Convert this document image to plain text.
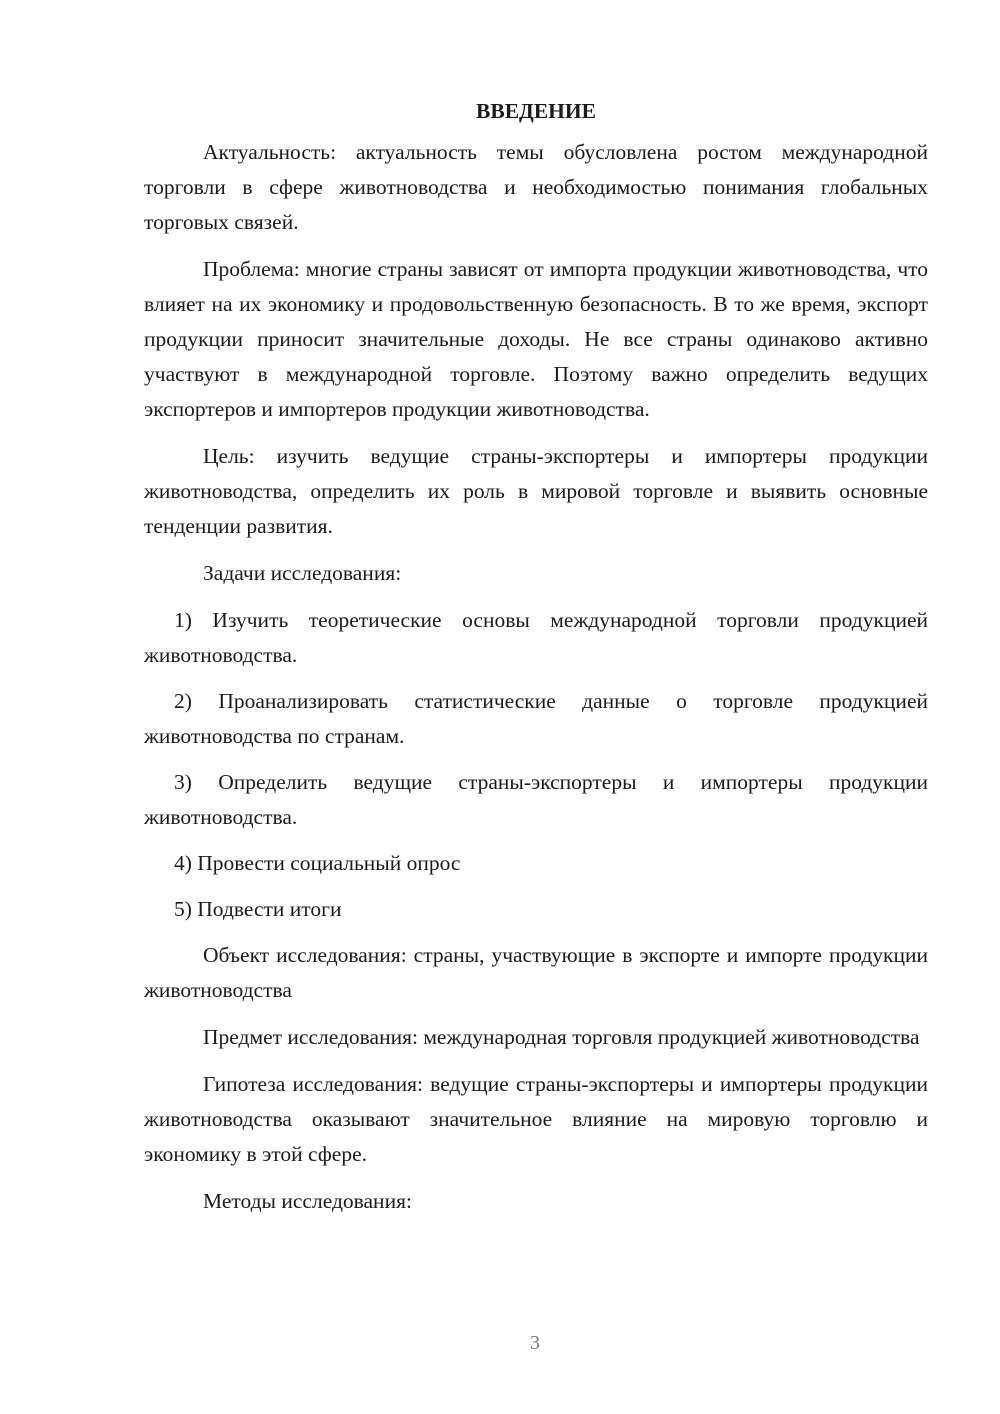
ВВЕДЕНИЕ

Актуальность: актуальность темы обусловлена ростом международной торговли в сфере животноводства и необходимостью понимания глобальных торговых связей.

Проблема: многие страны зависят от импорта продукции животноводства, что влияет на их экономику и продовольственную безопасность. В то же время, экспорт продукции приносит значительные доходы. Не все страны одинаково активно участвуют в международной торговле. Поэтому важно определить ведущих экспортеров и импортеров продукции животноводства.

Цель: изучить ведущие страны-экспортеры и импортеры продукции животноводства, определить их роль в мировой торговле и выявить основные тенденции развития.

Задачи исследования:

1) Изучить теоретические основы международной торговли продукцией животноводства.

2) Проанализировать статистические данные о торговле продукцией животноводства по странам.

3) Определить ведущие страны-экспортеры и импортеры продукции животноводства.

4) Провести социальный опрос

5) Подвести итоги

Объект исследования: страны, участвующие в экспорте и импорте продукции животноводства

Предмет исследования: международная торговля продукцией животноводства

Гипотеза исследования: ведущие страны-экспортеры и импортеры продукции животноводства оказывают значительное влияние на мировую торговлю и экономику в этой сфере.

Методы исследования:

3
